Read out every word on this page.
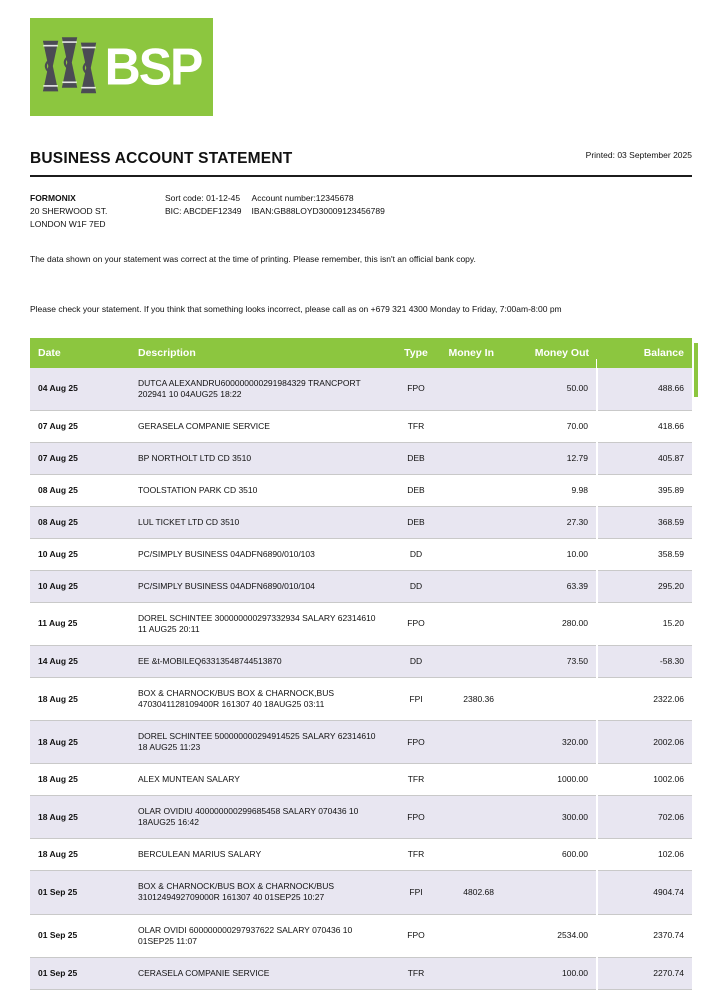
BSP
BUSINESS ACCOUNT STATEMENT	Printed: 03 September 2025
FORMONIX
20 SHERWOOD ST.
LONDON W1F 7ED
Sort code: 01-12-45 Account number:12345678
BIC: ABCDEF12349 IBAN:GB88LOYD30009123456789

The data shown on your statement was correct at the time of printing. Please remember, this isn't an official bank copy.

Please check your statement. If you think that something looks incorrect, please call as on +679 321 4300 Monday to Friday, 7:00am-8:00 pm

Date	Description	Type	Money In	Money Out	Balance
04 Aug 25	DUTCA ALEXANDRU600000000291984329 TRANCPORT 202941 10 04AUG25 18:22	FPO		50.00	488.66
07 Aug 25	GERASELA COMPANIE SERVICE	TFR		70.00	418.66
07 Aug 25	BP NORTHOLT LTD CD 3510	DEB		12.79	405.87
08 Aug 25	TOOLSTATION PARK CD 3510	DEB		9.98	395.89
08 Aug 25	LUL TICKET LTD CD 3510	DEB		27.30	368.59
10 Aug 25	PC/SIMPLY BUSINESS 04ADFN6890/010/103	DD		10.00	358.59
10 Aug 25	PC/SIMPLY BUSINESS 04ADFN6890/010/104	DD		63.39	295.20
11 Aug 25	DOREL SCHINTEE 300000000297332934 SALARY 62314610 11 AUG25 20:11	FPO		280.00	15.20
14 Aug 25	EE &t-MOBILEQ63313548744513870	DD		73.50	-58.30
18 Aug 25	BOX & CHARNOCK/BUS BOX & CHARNOCK,BUS 4703041128109400R 161307 40 18AUG25 03:11	FPI	2380.36		2322.06
18 Aug 25	DOREL SCHINTEE 500000000294914525 SALARY 62314610 18 AUG25 11:23	FPO		320.00	2002.06
18 Aug 25	ALEX MUNTEAN SALARY	TFR		1000.00	1002.06
18 Aug 25	OLAR OVIDIU 400000000299685458 SALARY 070436 10 18AUG25 16:42	FPO		300.00	702.06
18 Aug 25	BERCULEAN MARIUS SALARY	TFR		600.00	102.06
01 Sep 25	BOX & CHARNOCK/BUS BOX & CHARNOCK/BUS 3101249492709000R 161307 40 01SEP25 10:27	FPI	4802.68		4904.74
01 Sep 25	OLAR OVIDI 600000000297937622 SALARY 070436 10 01SEP25 11:07	FPO		2534.00	2370.74
01 Sep 25	CERASELA COMPANIE SERVICE	TFR		100.00	2270.74
